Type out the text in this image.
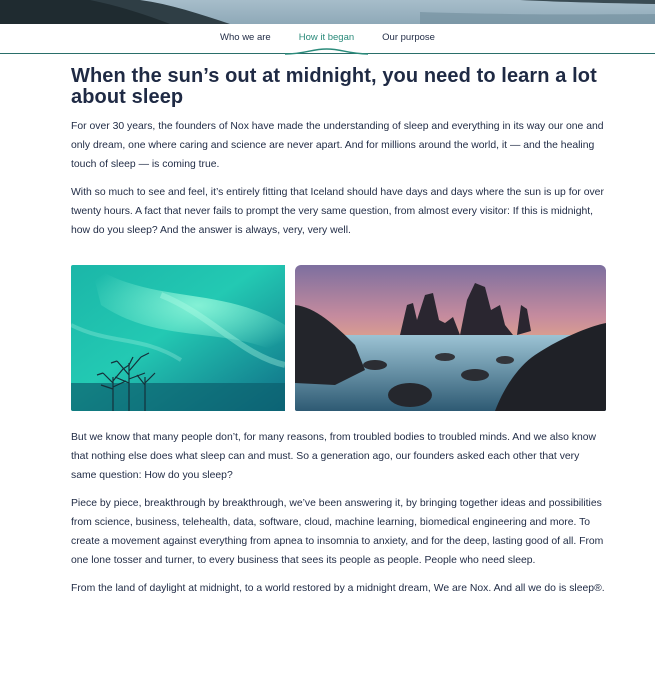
Who we are	How it began	Our purpose
When the sun’s out at midnight, you need to learn a lot about sleep

For over 30 years, the founders of Nox have made the understanding of sleep and everything in its way our one and only dream, one where caring and science are never apart. And for millions around the world, it — and the healing touch of sleep — is coming true.

With so much to see and feel, it’s entirely fitting that Iceland should have days and days where the sun is up for over twenty hours. A fact that never fails to prompt the very same question, from almost every visitor: If this is midnight, how do you sleep? And the answer is always, very, very well.

But we know that many people don’t, for many reasons, from troubled bodies to troubled minds. And we also know that nothing else does what sleep can and must. So a generation ago, our founders asked each other that very same question: How do you sleep?

Piece by piece, breakthrough by breakthrough, we’ve been answering it, by bringing together ideas and possibilities from science, business, telehealth, data, software, cloud, machine learning, biomedical engineering and more. To create a movement against everything from apnea to insomnia to anxiety, and for the deep, lasting good of all. From one lone tosser and turner, to every business that sees its people as people. People who need sleep.

From the land of daylight at midnight, to a world restored by a midnight dream, We are Nox. And all we do is sleep®.
